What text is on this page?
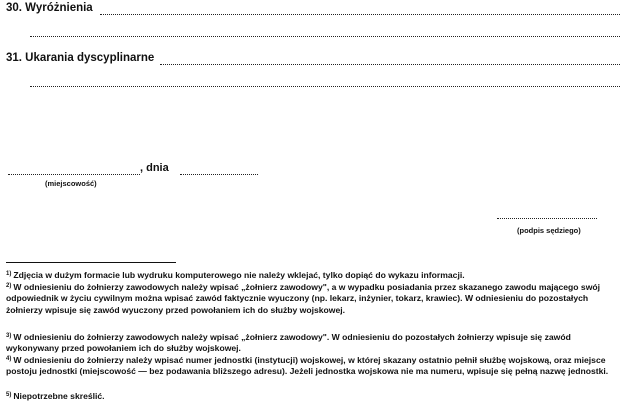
30. Wyróżnienia
31. Ukarania dyscyplinarne
, dnia
(miejscowość)
(podpis sędziego)
$^{1)}$ Zdjęcia w dużym formacie lub wydruku komputerowego nie należy wklejać, tylko dopiąć do wykazu informacji.
$^{2)}$ W odniesieniu do żołnierzy zawodowych należy wpisać „żołnierz zawodowy", a w wypadku posiadania przez skazanego zawodu mającego swój odpowiednik w życiu cywilnym można wpisać zawód faktycznie wyuczony (np. lekarz, inżynier, tokarz, krawiec). W odniesieniu do pozostałych żołnierzy wpisuje się zawód wyuczony przed powołaniem ich do służby wojskowej.
$^{3)}$ W odniesieniu do żołnierzy zawodowych należy wpisać „żołnierz zawodowy". W odniesieniu do pozostałych żołnierzy wpisuje się zawód wykonywany przed powołaniem ich do służby wojskowej.
$^{4)}$ W odniesieniu do żołnierzy należy wpisać numer jednostki (instytucji) wojskowej, w której skazany ostatnio pełnił służbę wojskową, oraz miejsce postoju jednostki (miejscowość — bez podawania bliższego adresu). Jeżeli jednostka wojskowa nie ma numeru, wpisuje się pełną nazwę jednostki.
$^{5)}$ Niepotrzebne skreślić.
